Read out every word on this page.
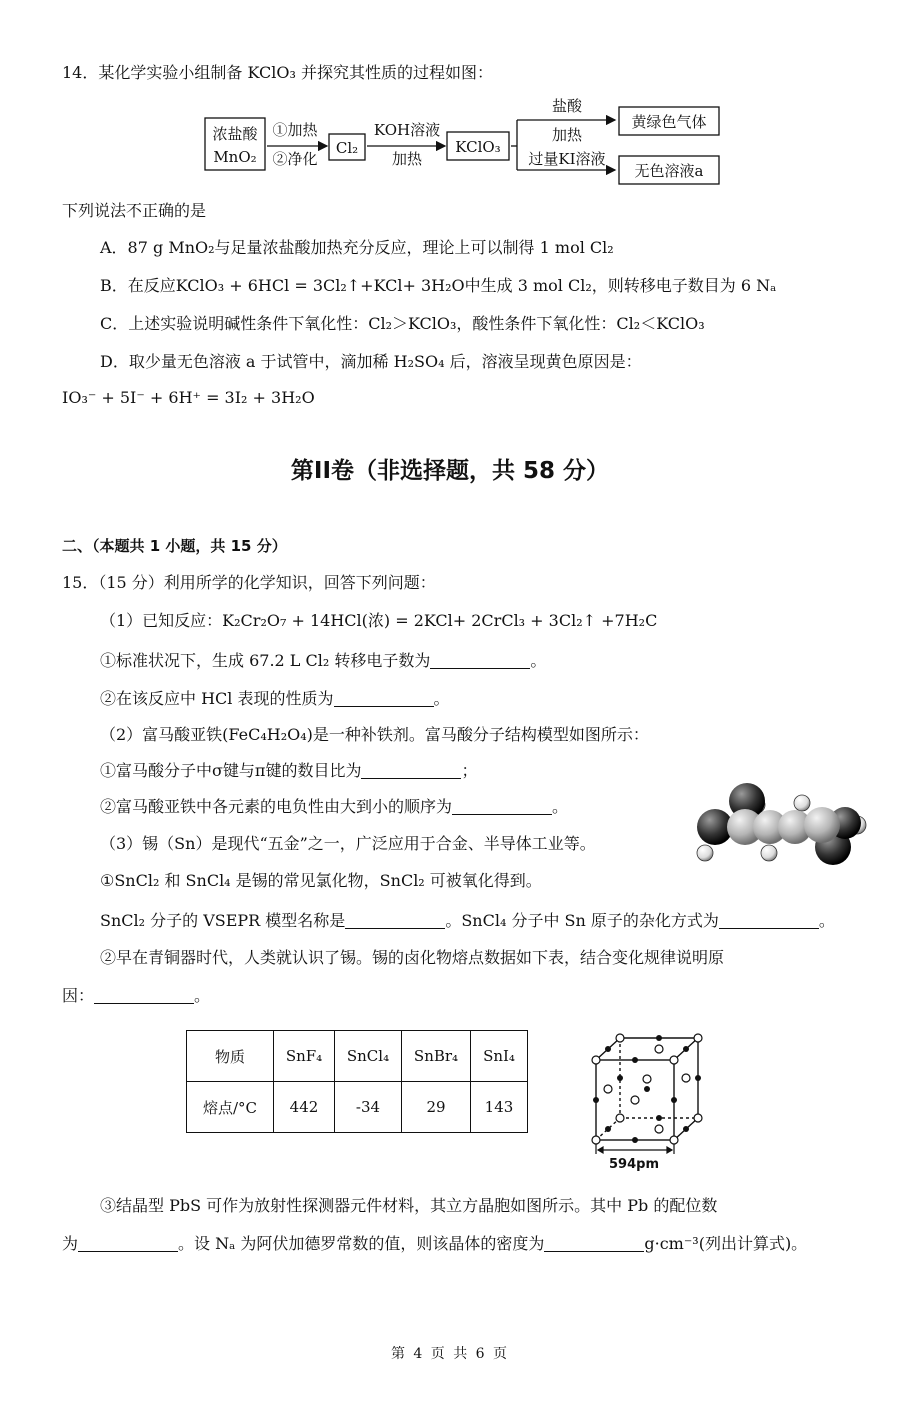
14．某化学实验小组制备 KClO₃ 并探究其性质的过程如图：
浓盐酸
MnO₂
①加热
②净化
Cl₂
KOH溶液
加热
KClO₃
盐酸
加热
过量KI溶液
黄绿色气体
无色溶液a
下列说法不正确的是
A．87 g MnO₂与足量浓盐酸加热充分反应，理论上可以制得 1 mol Cl₂
B．在反应KClO₃ + 6HCl = 3Cl₂↑+KCl+ 3H₂O中生成 3 mol Cl₂，则转移电子数目为 6 Nₐ
C．上述实验说明碱性条件下氧化性：Cl₂＞KClO₃，酸性条件下氧化性：Cl₂＜KClO₃
D．取少量无色溶液 a 于试管中，滴加稀 H₂SO₄ 后，溶液呈现黄色原因是：
IO₃⁻ + 5I⁻ + 6H⁺ = 3I₂ + 3H₂O
第II卷（非选择题，共 58 分）
二、（本题共 1 小题，共 15 分）
15．（15 分）利用所学的化学知识，回答下列问题：
（1）已知反应：K₂Cr₂O₇ + 14HCl(浓) = 2KCl+ 2CrCl₃ + 3Cl₂↑ +7H₂C
①标准状况下，生成 67.2 L Cl₂ 转移电子数为	。
②在该反应中 HCl 表现的性质为	。
（2）富马酸亚铁(FeC₄H₂O₄)是一种补铁剂。富马酸分子结构模型如图所示：
①富马酸分子中σ键与π键的数目比为	；
②富马酸亚铁中各元素的电负性由大到小的顺序为	。
（3）锡（Sn）是现代“五金”之一，广泛应用于合金、半导体工业等。
①SnCl₂ 和 SnCl₄ 是锡的常见氯化物，SnCl₂ 可被氧化得到。
SnCl₂ 分子的 VSEPR 模型名称是	。SnCl₄ 分子中 Sn 原子的杂化方式为	。
②早在青铜器时代，人类就认识了锡。锡的卤化物熔点数据如下表，结合变化规律说明原
因：	。
物质	SnF₄	SnCl₄	SnBr₄	SnI₄
熔点/°C	442	-34	29	143
594pm
③结晶型 PbS 可作为放射性探测器元件材料，其立方晶胞如图所示。其中 Pb 的配位数
为	。设 Nₐ 为阿伏加德罗常数的值，则该晶体的密度为	g·cm⁻³(列出计算式)。
第 4 页 共 6 页
